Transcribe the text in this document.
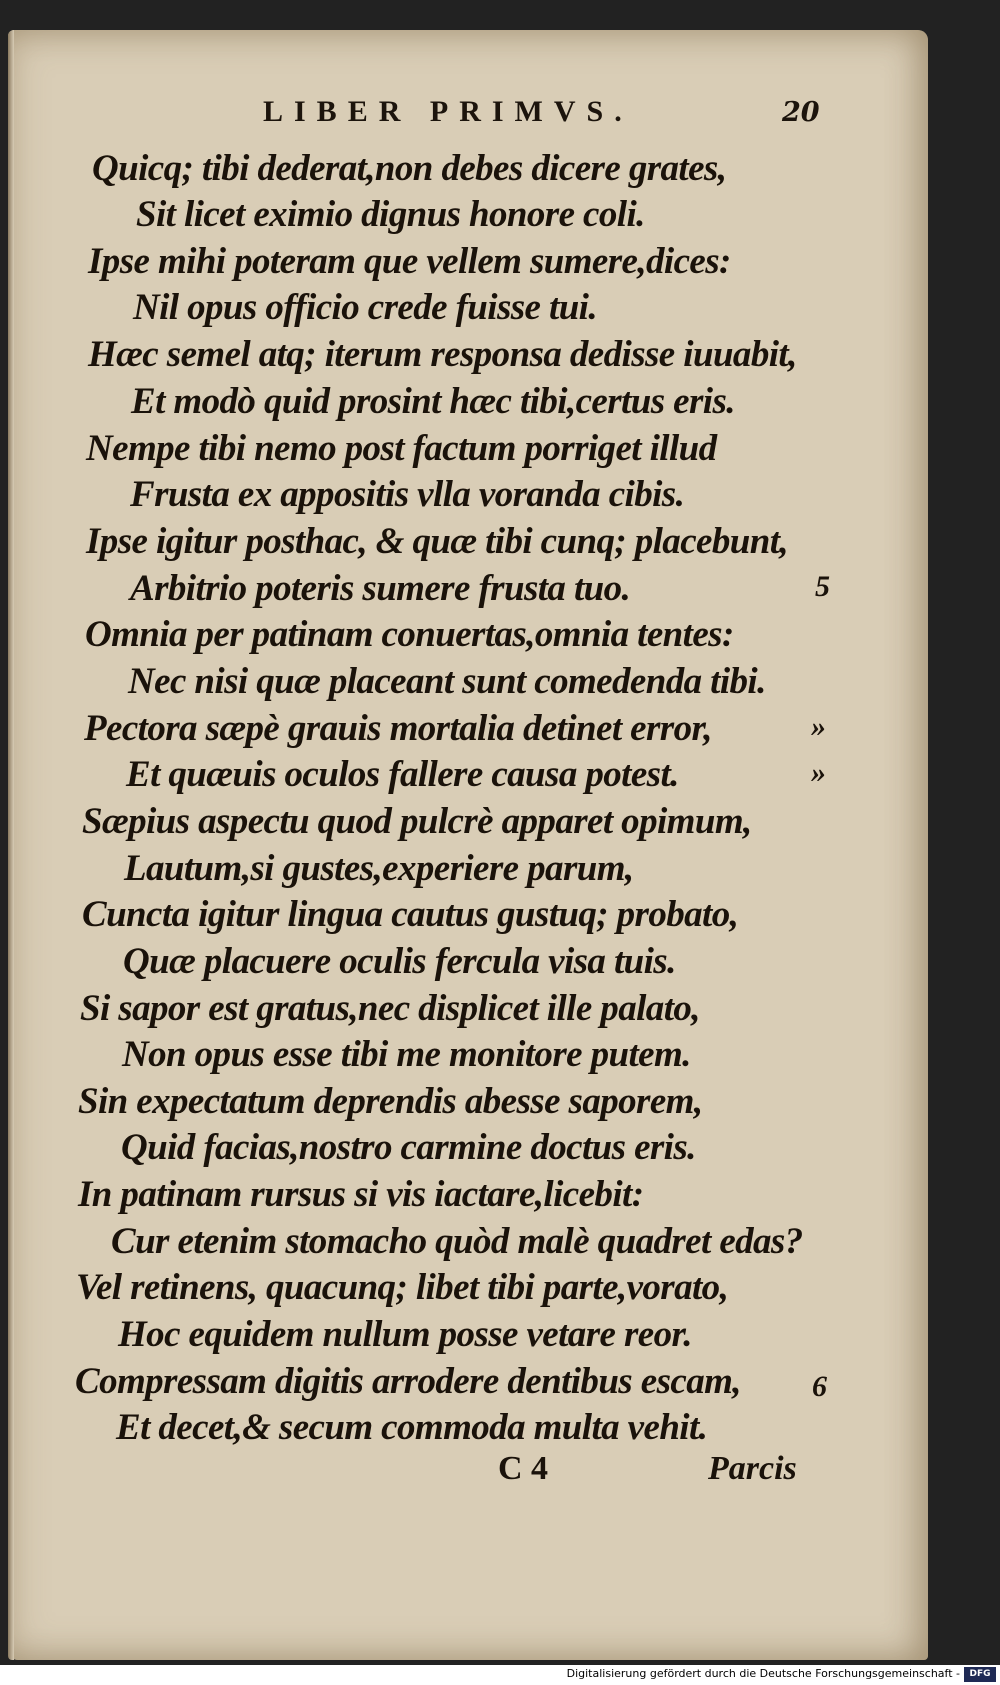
LIBER PRIMVS.	20
Quicq; tibi dederat,non debes dicere grates,
Sit licet eximio dignus honore coli.
Ipse mihi poteram que vellem sumere,dices:
Nil opus officio crede fuisse tui.
Hæc semel atq; iterum responsa dedisse iuuabit,
Et modò quid prosint hæc tibi,certus eris.
Nempe tibi nemo post factum porriget illud
Frusta ex appositis vlla voranda cibis.
Ipse igitur posthac, & quæ tibi cunq; placebunt,
Arbitrio poteris sumere frusta tuo.
Omnia per patinam conuertas,omnia tentes:
Nec nisi quæ placeant sunt comedenda tibi.
Pectora sæpè grauis mortalia detinet error,
Et quæuis oculos fallere causa potest.
Sæpius aspectu quod pulcrè apparet opimum,
Lautum,si gustes,experiere parum,
Cuncta igitur lingua cautus gustuq; probato,
Quæ placuere oculis fercula visa tuis.
Si sapor est gratus,nec displicet ille palato,
Non opus esse tibi me monitore putem.
Sin expectatum deprendis abesse saporem,
Quid facias,nostro carmine doctus eris.
In patinam rursus si vis iactare,licebit:
Cur etenim stomacho quòd malè quadret edas?
Vel retinens, quacunq; libet tibi parte,vorato,
Hoc equidem nullum posse vetare reor.
Compressam digitis arrodere dentibus escam,
Et decet,& secum commoda multa vehit.
5
»
»
6
C 4	Parcis
Digitalisierung gefördert durch die Deutsche Forschungsgemeinschaft -	DFG
